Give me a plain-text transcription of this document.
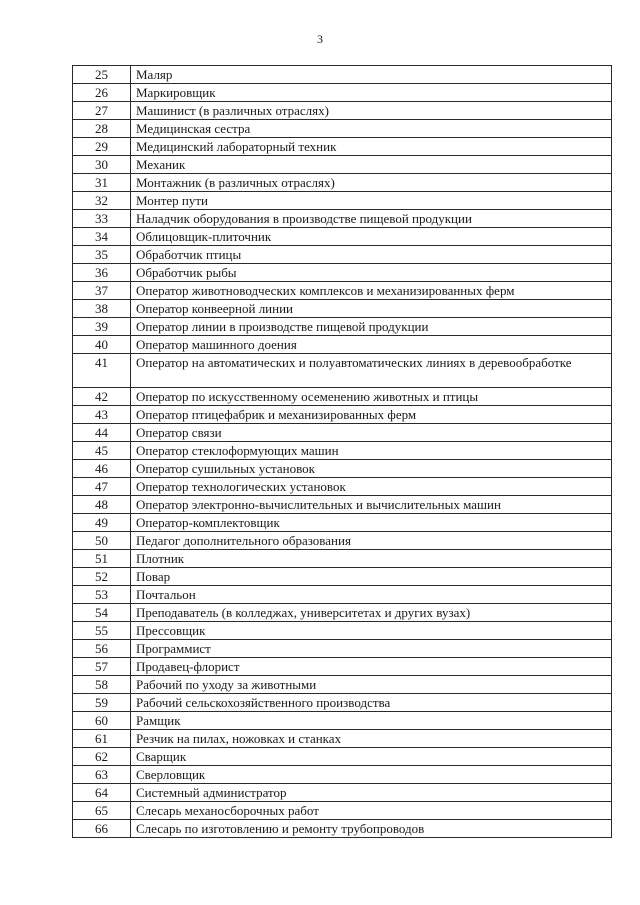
3
25	Маляр
26	Маркировщик
27	Машинист (в различных отраслях)
28	Медицинская сестра
29	Медицинский лабораторный техник
30	Механик
31	Монтажник (в различных отраслях)
32	Монтер пути
33	Наладчик оборудования в производстве пищевой продукции
34	Облицовщик-плиточник
35	Обработчик птицы
36	Обработчик рыбы
37	Оператор животноводческих комплексов и механизированных ферм
38	Оператор конвеерной линии
39	Оператор линии в производстве пищевой продукции
40	Оператор машинного доения
41	Оператор на автоматических и полуавтоматических линиях в деревообработке
42	Оператор по искусственному осеменению животных и птицы
43	Оператор птицефабрик и механизированных ферм
44	Оператор связи
45	Оператор стеклоформующих машин
46	Оператор сушильных установок
47	Оператор технологических установок
48	Оператор электронно-вычислительных и вычислительных машин
49	Оператор-комплектовщик
50	Педагог дополнительного образования
51	Плотник
52	Повар
53	Почтальон
54	Преподаватель (в колледжах, университетах и других вузах)
55	Прессовщик
56	Программист
57	Продавец-флорист
58	Рабочий по уходу за животными
59	Рабочий сельскохозяйственного производства
60	Рамщик
61	Резчик на пилах, ножовках и станках
62	Сварщик
63	Сверловщик
64	Системный администратор
65	Слесарь механосборочных работ
66	Слесарь по изготовлению и ремонту трубопроводов
